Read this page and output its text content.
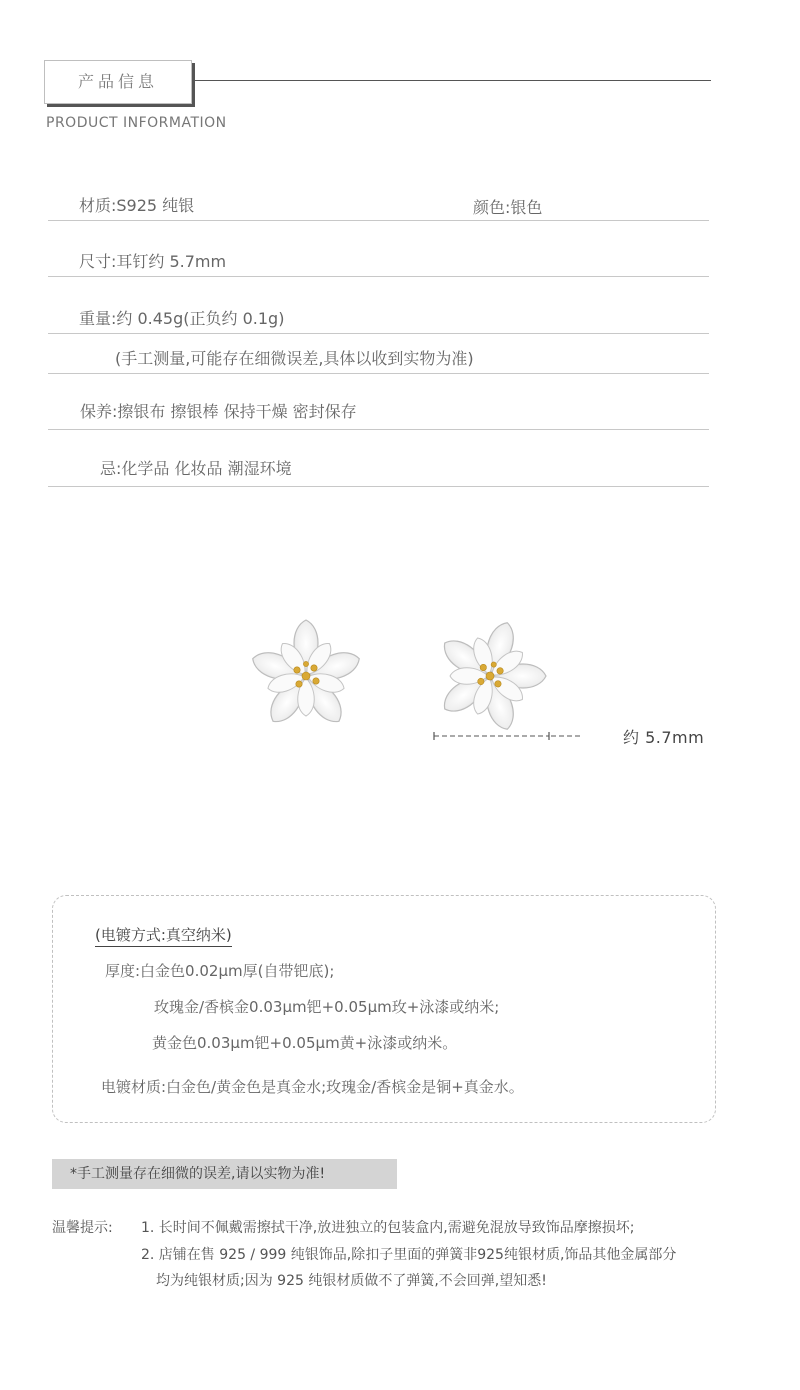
产品信息
PRODUCT INFORMATION
材质:S925 纯银	颜色:银色
尺寸:耳钉约 5.7mm
重量:约 0.45g(正负约 0.1g)
(手工测量,可能存在细微误差,具体以收到实物为准)
保养:擦银布 擦银棒 保持干燥 密封保存
忌:化学品 化妆品 潮湿环境
约 5.7mm
(电镀方式:真空纳米)
厚度:白金色0.02μm厚(自带钯底);
玫瑰金/香槟金0.03μm钯+0.05μm玫+泳漆或纳米;
黄金色0.03μm钯+0.05μm黄+泳漆或纳米。
电镀材质:白金色/黄金色是真金水;玫瑰金/香槟金是铜+真金水。
*手工测量存在细微的误差,请以实物为准!
温馨提示: 1. 长时间不佩戴需擦拭干净,放进独立的包装盒内,需避免混放导致饰品摩擦损坏;
2. 店铺在售 925 / 999 纯银饰品,除扣子里面的弹簧非925纯银材质,饰品其他金属部分
均为纯银材质;因为 925 纯银材质做不了弹簧,不会回弹,望知悉!
